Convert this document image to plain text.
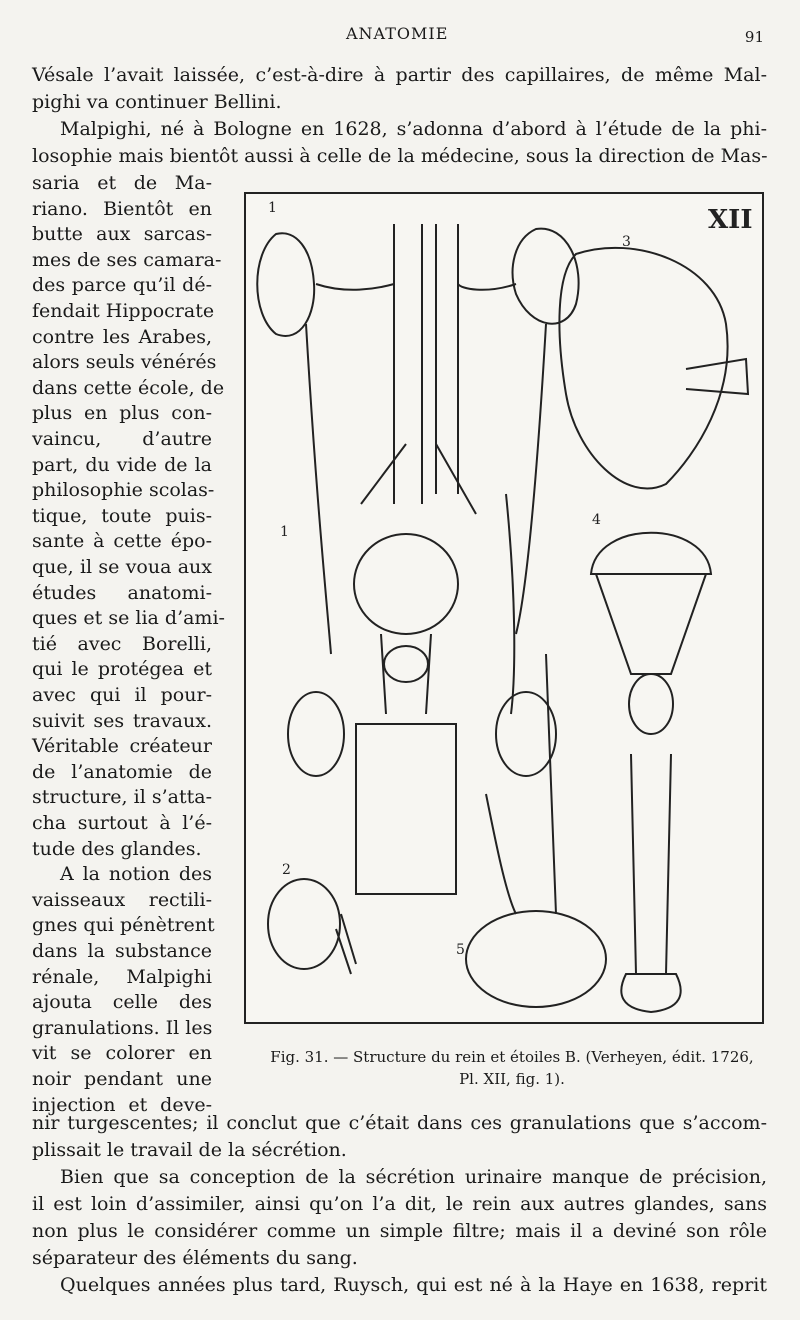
ANATOMIE	91
Vésale l’avait laissée, c’est-à-dire à partir des capillaires, de même Mal-
pighi va continuer Bellini.
Malpighi, né à Bologne en 1628, s’adonna d’abord à l’étude de la phi-
losophie mais bientôt aussi à celle de la médecine, sous la direction de Mas-
saria et de Ma-
riano. Bientôt en
butte aux sarcas-
mes de ses camara-
des parce qu’il dé-
fendait Hippocrate
contre les Arabes,
alors seuls vénérés
dans cette école, de
plus en plus con-
vaincu, d’autre
part, du vide de la
philosophie scolas-
tique, toute puis-
sante à cette épo-
que, il se voua aux
études anatomi-
ques et se lia d’ami-
tié avec Borelli,
qui le protégea et
avec qui il pour-
suivit ses travaux.
Véritable créateur
de l’anatomie de
structure, il s’atta-
cha surtout à l’é-
tude des glandes.
A la notion des
vaisseaux rectili-
gnes qui pénètrent
dans la substance
rénale, Malpighi
ajouta celle des
granulations. Il les
vit se colorer en
noir pendant une
injection et deve-
1
1
2
3
4
5
XII
Fig. 31. — Structure du rein et étoiles B. (Verheyen, édit. 1726,
Pl. XII, fig. 1).
nir turgescentes; il conclut que c’était dans ces granulations que s’accom-
plissait le travail de la sécrétion.
Bien que sa conception de la sécrétion urinaire manque de précision,
il est loin d’assimiler, ainsi qu’on l’a dit, le rein aux autres glandes, sans
non plus le considérer comme un simple filtre; mais il a deviné son rôle
séparateur des éléments du sang.
Quelques années plus tard, Ruysch, qui est né à la Haye en 1638, reprit
